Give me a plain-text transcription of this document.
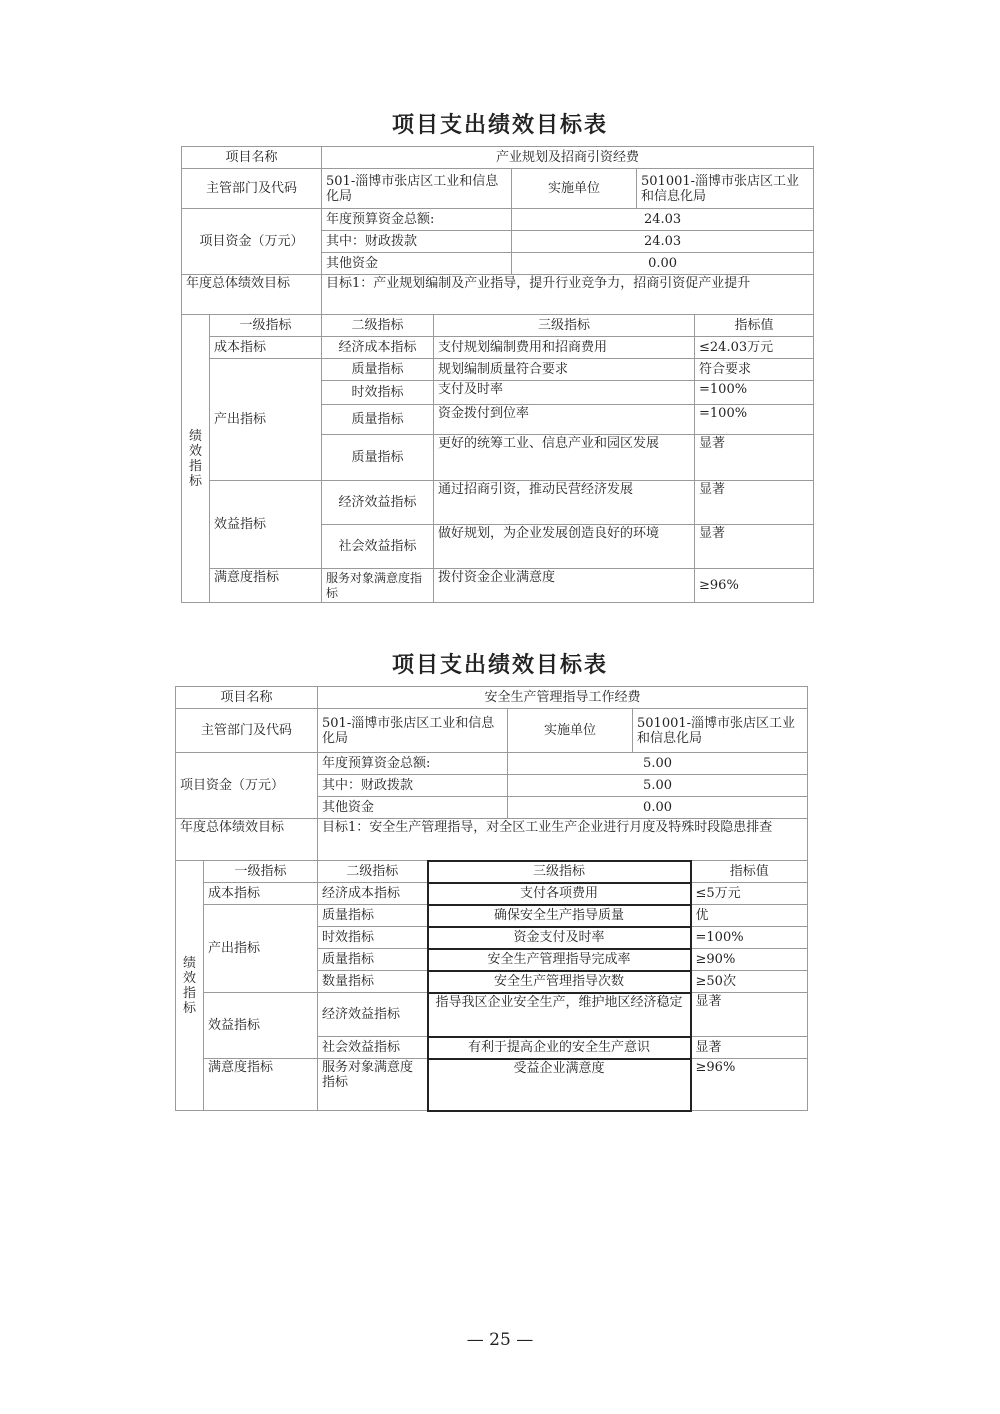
项目支出绩效目标表
项目名称		产业规划及招商引资经费				
主管部门及代码		501-淄博市张店区工业和信息化局		实施单位	501001-淄博市张店区工业和信息化局	
项目资金（万元）		年度预算资金总额:		24.03		
		其中：财政拨款		24.03		
		其他资金		0.00		
年度总体绩效目标		目标1：产业规划编制及产业指导，提升行业竞争力，招商引资促产业提升				
绩效指标	一级指标	二级指标	三级指标			指标值
	成本指标	经济成本指标	支付规划编制费用和招商费用			≤24.03万元
	产出指标	质量指标	规划编制质量符合要求			符合要求
		时效指标	支付及时率			=100%
		质量指标	资金拨付到位率			=100%
		质量指标	更好的统筹工业、信息产业和园区发展			显著
	效益指标	经济效益指标	通过招商引资，推动民营经济发展			显著
		社会效益指标	做好规划，为企业发展创造良好的环境			显著
	满意度指标	服务对象满意度指标	拨付资金企业满意度			≥96%
项目支出绩效目标表
项目名称		安全生产管理指导工作经费				
主管部门及代码		501-淄博市张店区工业和信息化局		实施单位	501001-淄博市张店区工业和信息化局	
项目资金（万元）		年度预算资金总额:		5.00		
		其中：财政拨款		5.00		
		其他资金		0.00		
年度总体绩效目标		目标1：安全生产管理指导，对全区工业生产企业进行月度及特殊时段隐患排查				
绩效指标	一级指标	二级指标	三级指标			指标值
	成本指标	经济成本指标	支付各项费用			≤5万元
	产出指标	质量指标	确保安全生产指导质量			优
		时效指标	资金支付及时率			=100%
		质量指标	安全生产管理指导完成率			≥90%
		数量指标	安全生产管理指导次数			≥50次
	效益指标	经济效益指标	指导我区企业安全生产，维护地区经济稳定			显著
		社会效益指标	有利于提高企业的安全生产意识			显著
	满意度指标	服务对象满意度指标	受益企业满意度			≥96%
— 25 —
